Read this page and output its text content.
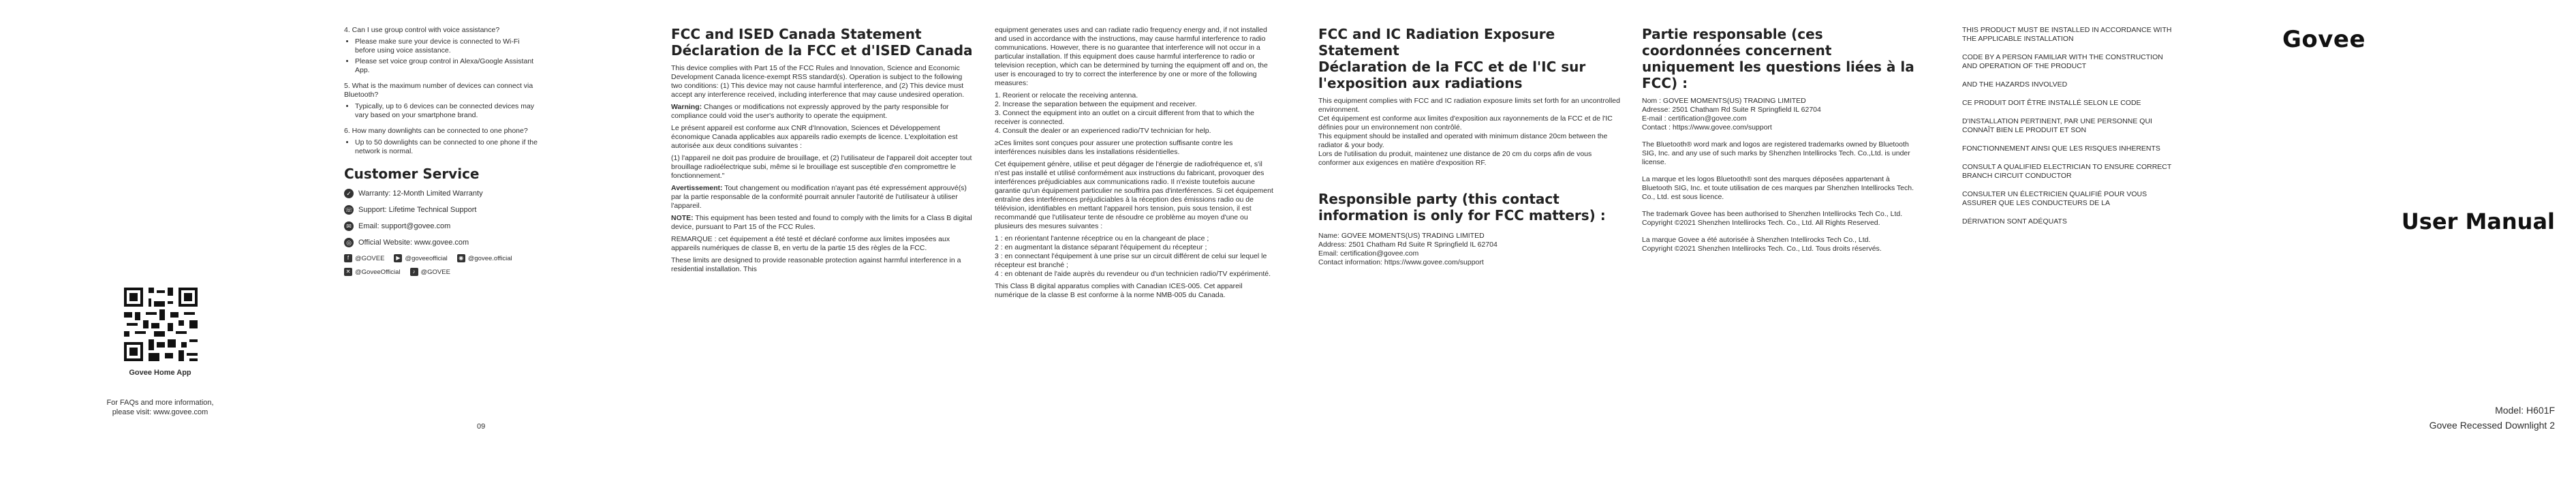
Govee Home App
For FAQs and more information,
please visit: www.govee.com

4. Can I use group control with voice assistance?

• Please make sure your device is connected to Wi-Fi before using voice assistance.
• Please set voice group control in Alexa/Google Assistant App.

5. What is the maximum number of devices can connect via Bluetooth?

• Typically, up to 6 devices can be connected devices may vary based on your smartphone brand.

6. How many downlights can be connected to one phone?

• Up to 50 downlights can be connected to one phone if the network is normal.
Customer Service
✓ Warranty: 12-Month Limited Warranty
☏ Support: Lifetime Technical Support
✉ Email: support@govee.com
◎ Official Website: www.govee.com
f @GOVEE	▶ @goveeofficial	◉ @govee.official
✕ @GoveeOfficial	♪ @GOVEE
09
FCC and ISED Canada Statement
Déclaration de la FCC et d'ISED Canada

This device complies with Part 15 of the FCC Rules and Innovation, Science and Economic Development Canada licence-exempt RSS standard(s). Operation is subject to the following two conditions: (1) This device may not cause harmful interference, and (2) This device must accept any interference received, including interference that may cause undesired operation.

Warning: Changes or modifications not expressly approved by the party responsible for compliance could void the user's authority to operate the equipment.

Le présent appareil est conforme aux CNR d'Innovation, Sciences et Développement économique Canada applicables aux appareils radio exempts de licence. L'exploitation est autorisée aux deux conditions suivantes :

(1) l'appareil ne doit pas produire de brouillage, et (2) l'utilisateur de l'appareil doit accepter tout brouillage radioélectrique subi, même si le brouillage est susceptible d'en compromettre le fonctionnement."

Avertissement: Tout changement ou modification n'ayant pas été expressément approuvé(s) par la partie responsable de la conformité pourrait annuler l'autorité de l'utilisateur à utiliser l'appareil.

NOTE: This equipment has been tested and found to comply with the limits for a Class B digital device, pursuant to Part 15 of the FCC Rules.

REMARQUE : cet équipement a été testé et déclaré conforme aux limites imposées aux appareils numériques de classe B, en vertu de la partie 15 des règles de la FCC.

These limits are designed to provide reasonable protection against harmful interference in a residential installation. This

equipment generates uses and can radiate radio frequency energy and, if not installed and used in accordance with the instructions, may cause harmful interference to radio communications. However, there is no guarantee that interference will not occur in a particular installation. If this equipment does cause harmful interference to radio or television reception, which can be determined by turning the equipment off and on, the user is encouraged to try to correct the interference by one or more of the following measures:

1. Reorient or relocate the receiving antenna.

2. Increase the separation between the equipment and receiver.

3. Connect the equipment into an outlet on a circuit different from that to which the receiver is connected.

4. Consult the dealer or an experienced radio/TV technician for help.

≥Ces limites sont conçues pour assurer une protection suffisante contre les interférences nuisibles dans les installations résidentielles.

Cet équipement génère, utilise et peut dégager de l'énergie de radiofréquence et, s'il n'est pas installé et utilisé conformément aux instructions du fabricant, provoquer des interférences préjudiciables aux communications radio. Il n'existe toutefois aucune garantie qu'un équipement particulier ne souffrira pas d'interférences. Si cet équipement entraîne des interférences préjudiciables à la réception des émissions radio ou de télévision, identifiables en mettant l'appareil hors tension, puis sous tension, il est recommandé que l'utilisateur tente de résoudre ce problème au moyen d'une ou plusieurs des mesures suivantes :

1 : en réorientant l'antenne réceptrice ou en la changeant de place ;

2 : en augmentant la distance séparant l'équipement du récepteur ;

3 : en connectant l'équipement à une prise sur un circuit différent de celui sur lequel le récepteur est branché ;

4 : en obtenant de l'aide auprès du revendeur ou d'un technicien radio/TV expérimenté.

This Class B digital apparatus complies with Canadian ICES-005. Cet appareil numérique de la classe B est conforme à la norme NMB-005 du Canada.

FCC and IC Radiation Exposure Statement
Déclaration de la FCC et de l'IC sur l'exposition aux radiations

This equipment complies with FCC and IC radiation exposure limits set forth for an uncontrolled environment.

Cet équipement est conforme aux limites d'exposition aux rayonnements de la FCC et de l'IC définies pour un environnement non contrôlé.

This equipment should be installed and operated with minimum distance 20cm between the radiator & your body.

Lors de l'utilisation du produit, maintenez une distance de 20 cm du corps afin de vous conformer aux exigences en matière d'exposition RF.

Responsible party (this contact information is only for FCC matters) :

Name: GOVEE MOMENTS(US) TRADING LIMITED

Address: 2501 Chatham Rd Suite R Springfield IL 62704

Email: certification@govee.com

Contact information: https://www.govee.com/support

Partie responsable (ces coordonnées concernent uniquement les questions liées à la FCC) :

Nom : GOVEE MOMENTS(US) TRADING LIMITED

Adresse: 2501 Chatham Rd Suite R Springfield IL 62704

E-mail : certification@govee.com

Contact : https://www.govee.com/support

The Bluetooth® word mark and logos are registered trademarks owned by Bluetooth SIG, Inc. and any use of such marks by Shenzhen Intellirocks Tech. Co.,Ltd. is under license.

La marque et les logos Bluetooth® sont des marques déposées appartenant à Bluetooth SIG, Inc. et toute utilisation de ces marques par Shenzhen Intellirocks Tech. Co., Ltd. est sous licence.

The trademark Govee has been authorised to Shenzhen Intellirocks Tech Co., Ltd.

Copyright ©2021 Shenzhen Intellirocks Tech. Co., Ltd. All Rights Reserved.

La marque Govee a été autorisée à Shenzhen Intellirocks Tech Co., Ltd.

Copyright ©2021 Shenzhen Intellirocks Tech. Co., Ltd. Tous droits réservés.

THIS PRODUCT MUST BE INSTALLED IN ACCORDANCE WITH THE APPLICABLE INSTALLATION

CODE BY A PERSON FAMILIAR WITH THE CONSTRUCTION AND OPERATION OF THE PRODUCT

AND THE HAZARDS INVOLVED

CE PRODUIT DOIT ÊTRE INSTALLÉ SELON LE CODE

D'INSTALLATION PERTINENT, PAR UNE PERSONNE QUI CONNAÎT BIEN LE PRODUIT ET SON

FONCTIONNEMENT AINSI QUE LES RISQUES INHERENTS

CONSULT A QUALIFIED ELECTRICIAN TO ENSURE CORRECT BRANCH CIRCUIT CONDUCTOR

CONSULTER UN ÉLECTRICIEN QUALIFIÉ POUR VOUS ASSURER QUE LES CONDUCTEURS DE LA

DÉRIVATION SONT ADÉQUATS

Govee
User Manual
Model: H601F
Govee Recessed Downlight 2
